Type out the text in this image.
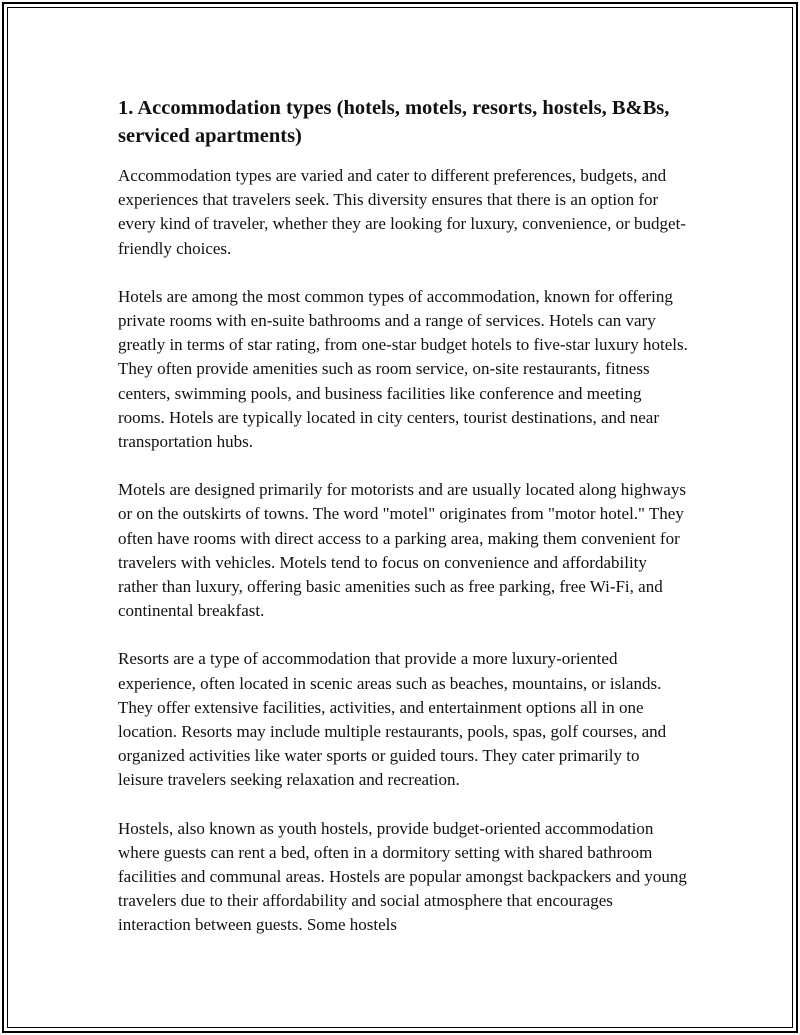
1. Accommodation types (hotels, motels, resorts, hostels, B&Bs, serviced apartments)

Accommodation types are varied and cater to different preferences, budgets, and experiences that travelers seek. This diversity ensures that there is an option for every kind of traveler, whether they are looking for luxury, convenience, or budget-friendly choices.

Hotels are among the most common types of accommodation, known for offering private rooms with en-suite bathrooms and a range of services. Hotels can vary greatly in terms of star rating, from one-star budget hotels to five-star luxury hotels. They often provide amenities such as room service, on-site restaurants, fitness centers, swimming pools, and business facilities like conference and meeting rooms. Hotels are typically located in city centers, tourist destinations, and near transportation hubs.

Motels are designed primarily for motorists and are usually located along highways or on the outskirts of towns. The word "motel" originates from "motor hotel." They often have rooms with direct access to a parking area, making them convenient for travelers with vehicles. Motels tend to focus on convenience and affordability rather than luxury, offering basic amenities such as free parking, free Wi-Fi, and continental breakfast.

Resorts are a type of accommodation that provide a more luxury-oriented experience, often located in scenic areas such as beaches, mountains, or islands. They offer extensive facilities, activities, and entertainment options all in one location. Resorts may include multiple restaurants, pools, spas, golf courses, and organized activities like water sports or guided tours. They cater primarily to leisure travelers seeking relaxation and recreation.

Hostels, also known as youth hostels, provide budget-oriented accommodation where guests can rent a bed, often in a dormitory setting with shared bathroom facilities and communal areas. Hostels are popular amongst backpackers and young travelers due to their affordability and social atmosphere that encourages interaction between guests. Some hostels
